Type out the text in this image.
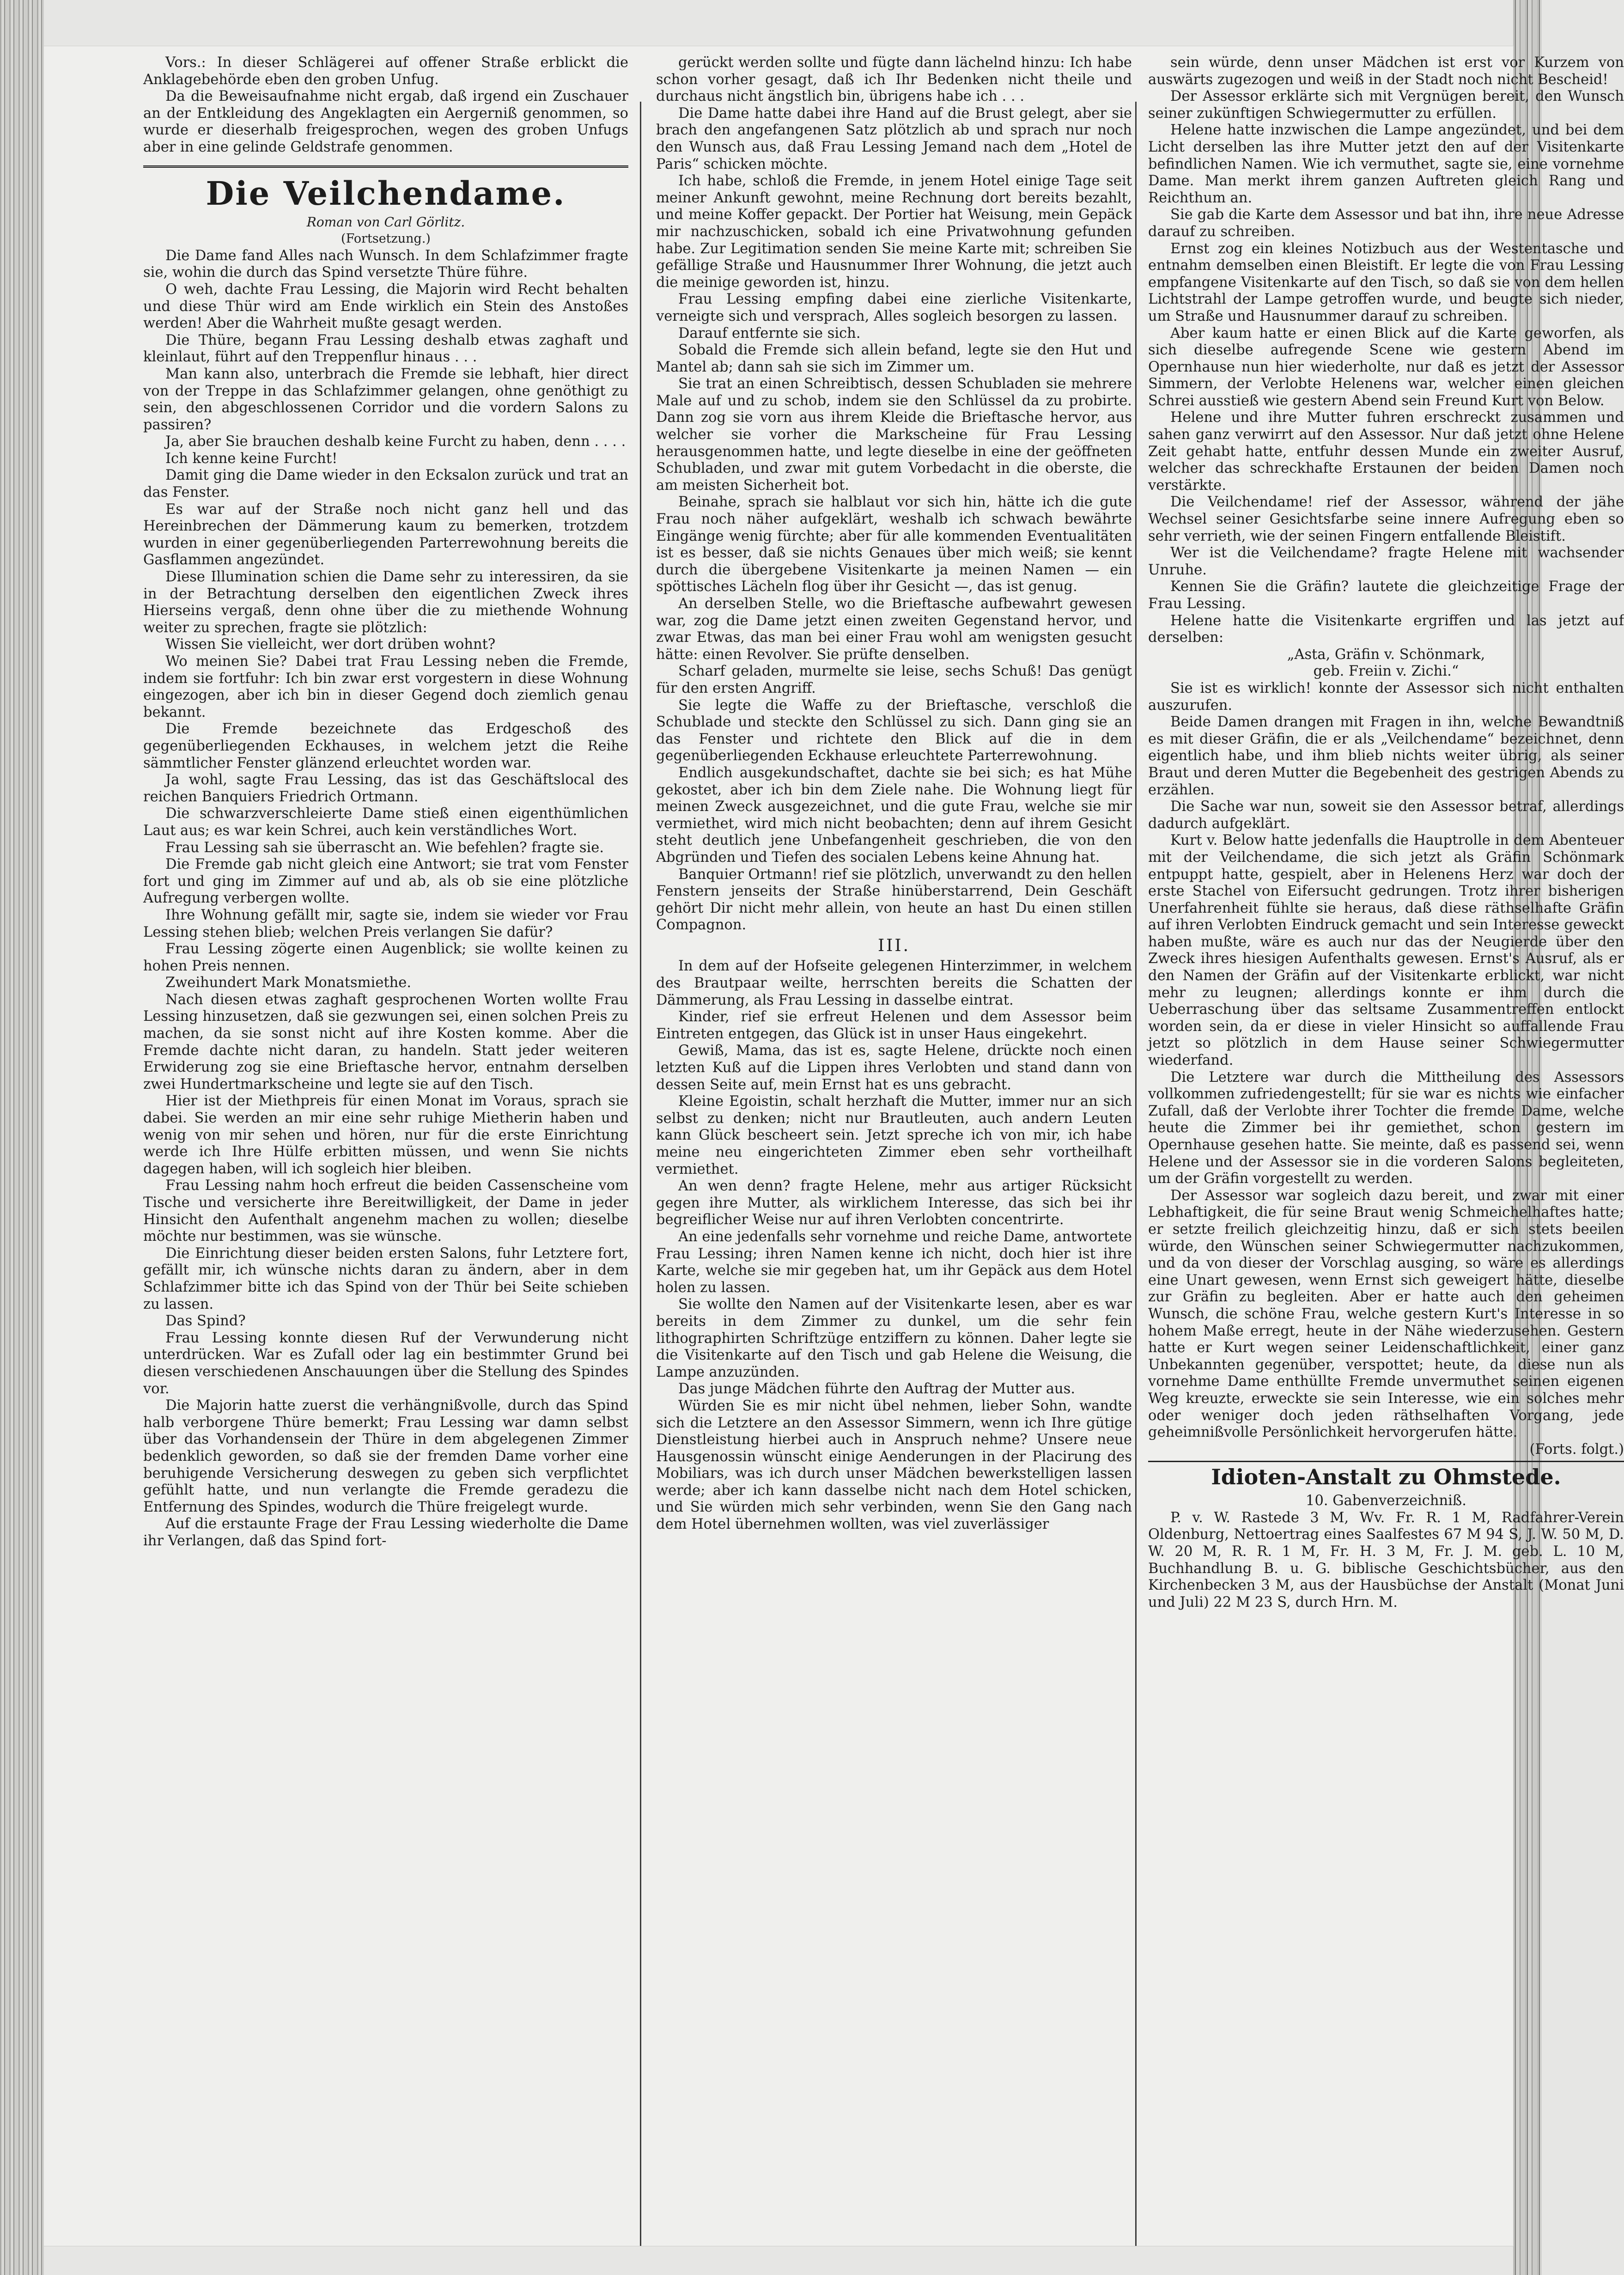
Vors.: In dieser Schlägerei auf offener Straße erblickt die Anklagebehörde eben den groben Unfug.

Da die Beweisaufnahme nicht ergab, daß irgend ein Zuschauer an der Entkleidung des Angeklagten ein Aergerniß genommen, so wurde er dieserhalb freigesprochen, wegen des groben Unfugs aber in eine gelinde Geldstrafe genommen.

Die Veilchendame.

Roman von Carl Görlitz.

(Fortsetzung.)

Die Dame fand Alles nach Wunsch. In dem Schlafzimmer fragte sie, wohin die durch das Spind versetzte Thüre führe.

O weh, dachte Frau Lessing, die Majorin wird Recht behalten und diese Thür wird am Ende wirklich ein Stein des Anstoßes werden! Aber die Wahrheit mußte gesagt werden.

Die Thüre, begann Frau Lessing deshalb etwas zaghaft und kleinlaut, führt auf den Treppenflur hinaus . . .

Man kann also, unterbrach die Fremde sie lebhaft, hier direct von der Treppe in das Schlafzimmer gelangen, ohne genöthigt zu sein, den abgeschlossenen Corridor und die vordern Salons zu passiren?

Ja, aber Sie brauchen deshalb keine Furcht zu haben, denn . . . .

Ich kenne keine Furcht!

Damit ging die Dame wieder in den Ecksalon zurück und trat an das Fenster.

Es war auf der Straße noch nicht ganz hell und das Hereinbrechen der Dämmerung kaum zu bemerken, trotzdem wurden in einer gegenüberliegenden Parterrewohnung bereits die Gasflammen angezündet.

Diese Illumination schien die Dame sehr zu interessiren, da sie in der Betrachtung derselben den eigentlichen Zweck ihres Hierseins vergaß, denn ohne über die zu miethende Wohnung weiter zu sprechen, fragte sie plötzlich:

Wissen Sie vielleicht, wer dort drüben wohnt?

Wo meinen Sie? Dabei trat Frau Lessing neben die Fremde, indem sie fortfuhr: Ich bin zwar erst vorgestern in diese Wohnung eingezogen, aber ich bin in dieser Gegend doch ziemlich genau bekannt.

Die Fremde bezeichnete das Erdgeschoß des gegenüberliegenden Eckhauses, in welchem jetzt die Reihe sämmtlicher Fenster glänzend erleuchtet worden war.

Ja wohl, sagte Frau Lessing, das ist das Geschäftslocal des reichen Banquiers Friedrich Ortmann.

Die schwarzverschleierte Dame stieß einen eigenthümlichen Laut aus; es war kein Schrei, auch kein verständliches Wort.

Frau Lessing sah sie überrascht an. Wie befehlen? fragte sie.

Die Fremde gab nicht gleich eine Antwort; sie trat vom Fenster fort und ging im Zimmer auf und ab, als ob sie eine plötzliche Aufregung verbergen wollte.

Ihre Wohnung gefällt mir, sagte sie, indem sie wieder vor Frau Lessing stehen blieb; welchen Preis verlangen Sie dafür?

Frau Lessing zögerte einen Augenblick; sie wollte keinen zu hohen Preis nennen.

Zweihundert Mark Monatsmiethe.

Nach diesen etwas zaghaft gesprochenen Worten wollte Frau Lessing hinzusetzen, daß sie gezwungen sei, einen solchen Preis zu machen, da sie sonst nicht auf ihre Kosten komme. Aber die Fremde dachte nicht daran, zu handeln. Statt jeder weiteren Erwiderung zog sie eine Brieftasche hervor, entnahm derselben zwei Hundertmarkscheine und legte sie auf den Tisch.

Hier ist der Miethpreis für einen Monat im Voraus, sprach sie dabei. Sie werden an mir eine sehr ruhige Mietherin haben und wenig von mir sehen und hören, nur für die erste Einrichtung werde ich Ihre Hülfe erbitten müssen, und wenn Sie nichts dagegen haben, will ich sogleich hier bleiben.

Frau Lessing nahm hoch erfreut die beiden Cassenscheine vom Tische und versicherte ihre Bereitwilligkeit, der Dame in jeder Hinsicht den Aufenthalt angenehm machen zu wollen; dieselbe möchte nur bestimmen, was sie wünsche.

Die Einrichtung dieser beiden ersten Salons, fuhr Letztere fort, gefällt mir, ich wünsche nichts daran zu ändern, aber in dem Schlafzimmer bitte ich das Spind von der Thür bei Seite schieben zu lassen.

Das Spind?

Frau Lessing konnte diesen Ruf der Verwunderung nicht unterdrücken. War es Zufall oder lag ein bestimmter Grund bei diesen verschiedenen Anschauungen über die Stellung des Spindes vor.

Die Majorin hatte zuerst die verhängnißvolle, durch das Spind halb verborgene Thüre bemerkt; Frau Lessing war damn selbst über das Vorhandensein der Thüre in dem abgelegenen Zimmer bedenklich geworden, so daß sie der fremden Dame vorher eine beruhigende Versicherung deswegen zu geben sich verpflichtet gefühlt hatte, und nun verlangte die Fremde geradezu die Entfernung des Spindes, wodurch die Thüre freigelegt wurde.

Auf die erstaunte Frage der Frau Lessing wiederholte die Dame ihr Verlangen, daß das Spind fort-

gerückt werden sollte und fügte dann lächelnd hinzu: Ich habe schon vorher gesagt, daß ich Ihr Bedenken nicht theile und durchaus nicht ängstlich bin, übrigens habe ich . . .

Die Dame hatte dabei ihre Hand auf die Brust gelegt, aber sie brach den angefangenen Satz plötzlich ab und sprach nur noch den Wunsch aus, daß Frau Lessing Jemand nach dem „Hotel de Paris“ schicken möchte.

Ich habe, schloß die Fremde, in jenem Hotel einige Tage seit meiner Ankunft gewohnt, meine Rechnung dort bereits bezahlt, und meine Koffer gepackt. Der Portier hat Weisung, mein Gepäck mir nachzuschicken, sobald ich eine Privatwohnung gefunden habe. Zur Legitimation senden Sie meine Karte mit; schreiben Sie gefällige Straße und Hausnummer Ihrer Wohnung, die jetzt auch die meinige geworden ist, hinzu.

Frau Lessing empfing dabei eine zierliche Visitenkarte, verneigte sich und versprach, Alles sogleich besorgen zu lassen.

Darauf entfernte sie sich.

Sobald die Fremde sich allein befand, legte sie den Hut und Mantel ab; dann sah sie sich im Zimmer um.

Sie trat an einen Schreibtisch, dessen Schubladen sie mehrere Male auf und zu schob, indem sie den Schlüssel da zu probirte. Dann zog sie vorn aus ihrem Kleide die Brieftasche hervor, aus welcher sie vorher die Markscheine für Frau Lessing herausgenommen hatte, und legte dieselbe in eine der geöffneten Schubladen, und zwar mit gutem Vorbedacht in die oberste, die am meisten Sicherheit bot.

Beinahe, sprach sie halblaut vor sich hin, hätte ich die gute Frau noch näher aufgeklärt, weshalb ich schwach bewährte Eingänge wenig fürchte; aber für alle kommenden Eventualitäten ist es besser, daß sie nichts Genaues über mich weiß; sie kennt durch die übergebene Visitenkarte ja meinen Namen — ein spöttisches Lächeln flog über ihr Gesicht —, das ist genug.

An derselben Stelle, wo die Brieftasche aufbewahrt gewesen war, zog die Dame jetzt einen zweiten Gegenstand hervor, und zwar Etwas, das man bei einer Frau wohl am wenigsten gesucht hätte: einen Revolver. Sie prüfte denselben.

Scharf geladen, murmelte sie leise, sechs Schuß! Das genügt für den ersten Angriff.

Sie legte die Waffe zu der Brieftasche, verschloß die Schublade und steckte den Schlüssel zu sich. Dann ging sie an das Fenster und richtete den Blick auf die in dem gegenüberliegenden Eckhause erleuchtete Parterrewohnung.

Endlich ausgekundschaftet, dachte sie bei sich; es hat Mühe gekostet, aber ich bin dem Ziele nahe. Die Wohnung liegt für meinen Zweck ausgezeichnet, und die gute Frau, welche sie mir vermiethet, wird mich nicht beobachten; denn auf ihrem Gesicht steht deutlich jene Unbefangenheit geschrieben, die von den Abgründen und Tiefen des socialen Lebens keine Ahnung hat.

Banquier Ortmann! rief sie plötzlich, unverwandt zu den hellen Fenstern jenseits der Straße hinüberstarrend, Dein Geschäft gehört Dir nicht mehr allein, von heute an hast Du einen stillen Compagnon.

III.

In dem auf der Hofseite gelegenen Hinterzimmer, in welchem des Brautpaar weilte, herrschten bereits die Schatten der Dämmerung, als Frau Lessing in dasselbe eintrat.

Kinder, rief sie erfreut Helenen und dem Assessor beim Eintreten entgegen, das Glück ist in unser Haus eingekehrt.

Gewiß, Mama, das ist es, sagte Helene, drückte noch einen letzten Kuß auf die Lippen ihres Verlobten und stand dann von dessen Seite auf, mein Ernst hat es uns gebracht.

Kleine Egoistin, schalt herzhaft die Mutter, immer nur an sich selbst zu denken; nicht nur Brautleuten, auch andern Leuten kann Glück bescheert sein. Jetzt spreche ich von mir, ich habe meine neu eingerichteten Zimmer eben sehr vortheilhaft vermiethet.

An wen denn? fragte Helene, mehr aus artiger Rücksicht gegen ihre Mutter, als wirklichem Interesse, das sich bei ihr begreiflicher Weise nur auf ihren Verlobten concentrirte.

An eine jedenfalls sehr vornehme und reiche Dame, antwortete Frau Lessing; ihren Namen kenne ich nicht, doch hier ist ihre Karte, welche sie mir gegeben hat, um ihr Gepäck aus dem Hotel holen zu lassen.

Sie wollte den Namen auf der Visitenkarte lesen, aber es war bereits in dem Zimmer zu dunkel, um die sehr fein lithographirten Schriftzüge entziffern zu können. Daher legte sie die Visitenkarte auf den Tisch und gab Helene die Weisung, die Lampe anzuzünden.

Das junge Mädchen führte den Auftrag der Mutter aus.

Würden Sie es mir nicht übel nehmen, lieber Sohn, wandte sich die Letztere an den Assessor Simmern, wenn ich Ihre gütige Dienstleistung hierbei auch in Anspruch nehme? Unsere neue Hausgenossin wünscht einige Aenderungen in der Placirung des Mobiliars, was ich durch unser Mädchen bewerkstelligen lassen werde; aber ich kann dasselbe nicht nach dem Hotel schicken, und Sie würden mich sehr verbinden, wenn Sie den Gang nach dem Hotel übernehmen wollten, was viel zuverlässiger

sein würde, denn unser Mädchen ist erst vor Kurzem von auswärts zugezogen und weiß in der Stadt noch nicht Bescheid!

Der Assessor erklärte sich mit Vergnügen bereit, den Wunsch seiner zukünftigen Schwiegermutter zu erfüllen.

Helene hatte inzwischen die Lampe angezündet, und bei dem Licht derselben las ihre Mutter jetzt den auf der Visitenkarte befindlichen Namen. Wie ich vermuthet, sagte sie, eine vornehme Dame. Man merkt ihrem ganzen Auftreten gleich Rang und Reichthum an.

Sie gab die Karte dem Assessor und bat ihn, ihre neue Adresse darauf zu schreiben.

Ernst zog ein kleines Notizbuch aus der Westentasche und entnahm demselben einen Bleistift. Er legte die von Frau Lessing empfangene Visitenkarte auf den Tisch, so daß sie von dem hellen Lichtstrahl der Lampe getroffen wurde, und beugte sich nieder, um Straße und Hausnummer darauf zu schreiben.

Aber kaum hatte er einen Blick auf die Karte geworfen, als sich dieselbe aufregende Scene wie gestern Abend im Opernhause nun hier wiederholte, nur daß es jetzt der Assessor Simmern, der Verlobte Helenens war, welcher einen gleichen Schrei ausstieß wie gestern Abend sein Freund Kurt von Below.

Helene und ihre Mutter fuhren erschreckt zusammen und sahen ganz verwirrt auf den Assessor. Nur daß jetzt ohne Helene Zeit gehabt hatte, entfuhr dessen Munde ein zweiter Ausruf, welcher das schreckhafte Erstaunen der beiden Damen noch verstärkte.

Die Veilchendame! rief der Assessor, während der jähe Wechsel seiner Gesichtsfarbe seine innere Aufregung eben so sehr verrieth, wie der seinen Fingern entfallende Bleistift.

Wer ist die Veilchendame? fragte Helene mit wachsender Unruhe.

Kennen Sie die Gräfin? lautete die gleichzeitige Frage der Frau Lessing.

Helene hatte die Visitenkarte ergriffen und las jetzt auf derselben:

„Asta, Gräfin v. Schönmark,

geb. Freiin v. Zichi.“

Sie ist es wirklich! konnte der Assessor sich nicht enthalten auszurufen.

Beide Damen drangen mit Fragen in ihn, welche Bewandtniß es mit dieser Gräfin, die er als „Veilchendame“ bezeichnet, denn eigentlich habe, und ihm blieb nichts weiter übrig, als seiner Braut und deren Mutter die Begebenheit des gestrigen Abends zu erzählen.

Die Sache war nun, soweit sie den Assessor betraf, allerdings dadurch aufgeklärt.

Kurt v. Below hatte jedenfalls die Hauptrolle in dem Abenteuer mit der Veilchendame, die sich jetzt als Gräfin Schönmark entpuppt hatte, gespielt, aber in Helenens Herz war doch der erste Stachel von Eifersucht gedrungen. Trotz ihrer bisherigen Unerfahrenheit fühlte sie heraus, daß diese räthselhafte Gräfin auf ihren Verlobten Eindruck gemacht und sein Interesse geweckt haben mußte, wäre es auch nur das der Neugierde über den Zweck ihres hiesigen Aufenthalts gewesen. Ernst's Ausruf, als er den Namen der Gräfin auf der Visitenkarte erblickt, war nicht mehr zu leugnen; allerdings konnte er ihm durch die Ueberraschung über das seltsame Zusammentreffen entlockt worden sein, da er diese in vieler Hinsicht so auffallende Frau jetzt so plötzlich in dem Hause seiner Schwiegermutter wiederfand.

Die Letztere war durch die Mittheilung des Assessors vollkommen zufriedengestellt; für sie war es nichts wie einfacher Zufall, daß der Verlobte ihrer Tochter die fremde Dame, welche heute die Zimmer bei ihr gemiethet, schon gestern im Opernhause gesehen hatte. Sie meinte, daß es passend sei, wenn Helene und der Assessor sie in die vorderen Salons begleiteten, um der Gräfin vorgestellt zu werden.

Der Assessor war sogleich dazu bereit, und zwar mit einer Lebhaftigkeit, die für seine Braut wenig Schmeichelhaftes hatte; er setzte freilich gleichzeitig hinzu, daß er sich stets beeilen würde, den Wünschen seiner Schwiegermutter nachzukommen, und da von dieser der Vorschlag ausging, so wäre es allerdings eine Unart gewesen, wenn Ernst sich geweigert hätte, dieselbe zur Gräfin zu begleiten. Aber er hatte auch den geheimen Wunsch, die schöne Frau, welche gestern Kurt's Interesse in so hohem Maße erregt, heute in der Nähe wiederzusehen. Gestern hatte er Kurt wegen seiner Leidenschaftlichkeit, einer ganz Unbekannten gegenüber, verspottet; heute, da diese nun als vornehme Dame enthüllte Fremde unvermuthet seinen eigenen Weg kreuzte, erweckte sie sein Interesse, wie ein solches mehr oder weniger doch jeden räthselhaften Vorgang, jede geheimnißvolle Persönlichkeit hervorgerufen hätte.

(Forts. folgt.)

Idioten-Anstalt zu Ohmstede.

10. Gabenverzeichniß.

P. v. W. Rastede 3 M, Wv. Fr. R. 1 M, Radfahrer-Verein Oldenburg, Nettoertrag eines Saalfestes 67 M 94 S, J. W. 50 M, D. W. 20 M, R. R. 1 M, Fr. H. 3 M, Fr. J. M. geb. L. 10 M, Buchhandlung B. u. G. biblische Geschichtsbücher, aus den Kirchenbecken 3 M, aus der Hausbüchse der Anstalt (Monat Juni und Juli) 22 M 23 S, durch Hrn. M.
